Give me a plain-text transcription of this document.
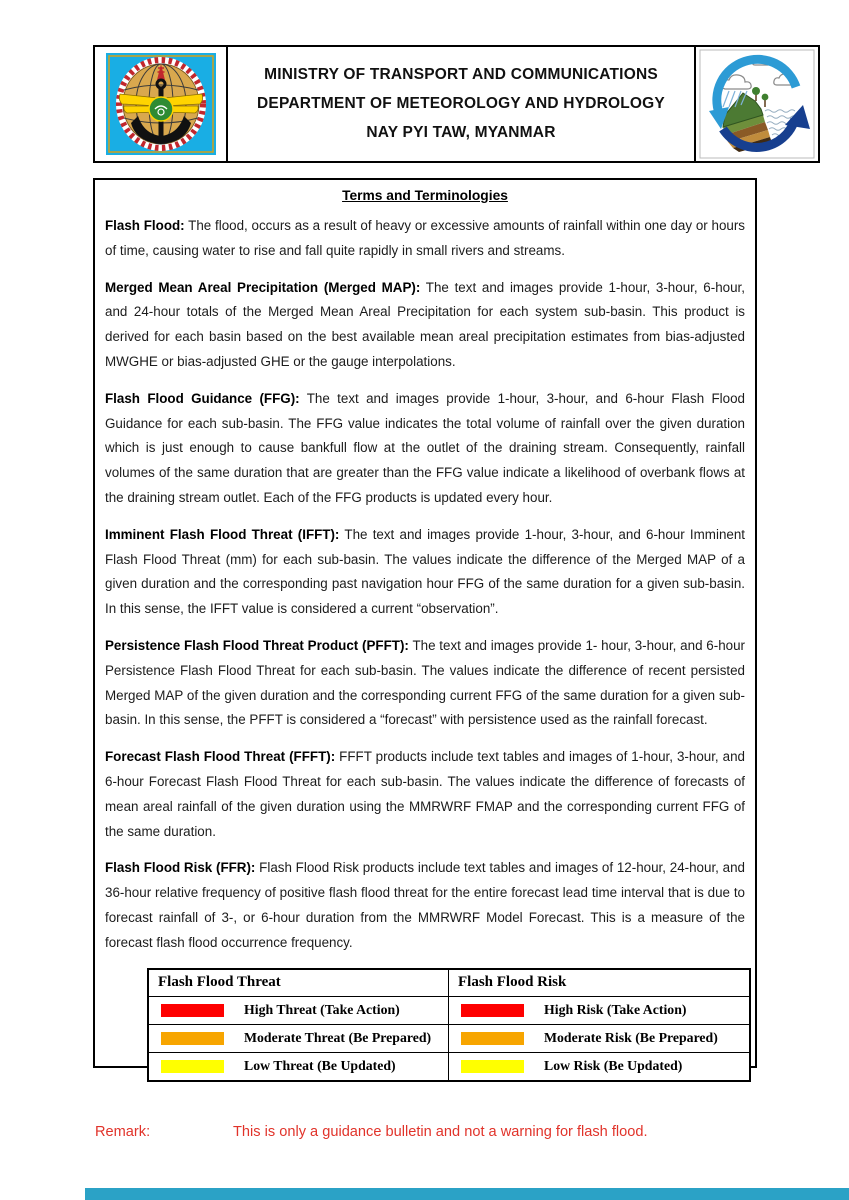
MINISTRY OF TRANSPORT AND COMMUNICATIONS
DEPARTMENT OF METEOROLOGY AND HYDROLOGY
NAY PYI TAW, MYANMAR
Terms and Terminologies

Flash Flood: The flood, occurs as a result of heavy or excessive amounts of rainfall within one day or hours of time, causing water to rise and fall quite rapidly in small rivers and streams.

Merged Mean Areal Precipitation (Merged MAP): The text and images provide 1-hour, 3-hour, 6-hour, and 24-hour totals of the Merged Mean Areal Precipitation for each system sub-basin. This product is derived for each basin based on the best available mean areal precipitation estimates from bias-adjusted MWGHE or bias-adjusted GHE or the gauge interpolations.

Flash Flood Guidance (FFG): The text and images provide 1-hour, 3-hour, and 6-hour Flash Flood Guidance for each sub-basin. The FFG value indicates the total volume of rainfall over the given duration which is just enough to cause bankfull flow at the outlet of the draining stream. Consequently, rainfall volumes of the same duration that are greater than the FFG value indicate a likelihood of overbank flows at the draining stream outlet. Each of the FFG products is updated every hour.

Imminent Flash Flood Threat (IFFT): The text and images provide 1-hour, 3-hour, and 6-hour Imminent Flash Flood Threat (mm) for each sub-basin. The values indicate the difference of the Merged MAP of a given duration and the corresponding past navigation hour FFG of the same duration for a given sub-basin. In this sense, the IFFT value is considered a current “observation”.

Persistence Flash Flood Threat Product (PFFT): The text and images provide 1- hour, 3-hour, and 6-hour Persistence Flash Flood Threat for each sub-basin. The values indicate the difference of recent persisted Merged MAP of the given duration and the corresponding current FFG of the same duration for a given sub-basin. In this sense, the PFFT is considered a “forecast” with persistence used as the rainfall forecast.

Forecast Flash Flood Threat (FFFT): FFFT products include text tables and images of 1-hour, 3-hour, and 6-hour Forecast Flash Flood Threat for each sub-basin. The values indicate the difference of forecasts of mean areal rainfall of the given duration using the MMRWRF FMAP and the corresponding current FFG of the same duration.

Flash Flood Risk (FFR): Flash Flood Risk products include text tables and images of 12-hour, 24-hour, and 36-hour relative frequency of positive flash flood threat for the entire forecast lead time interval that is due to forecast rainfall of 3-, or 6-hour duration from the MMRWRF Model Forecast. This is a measure of the forecast flash flood occurrence frequency.

Flash Flood Threat	Flash Flood Risk
High Threat (Take Action)	High Risk (Take Action)
Moderate Threat (Be Prepared)	Moderate Risk (Be Prepared)
Low Threat (Be Updated)	Low Risk (Be Updated)
Remark:	This is only a guidance bulletin and not a warning for flash flood.
